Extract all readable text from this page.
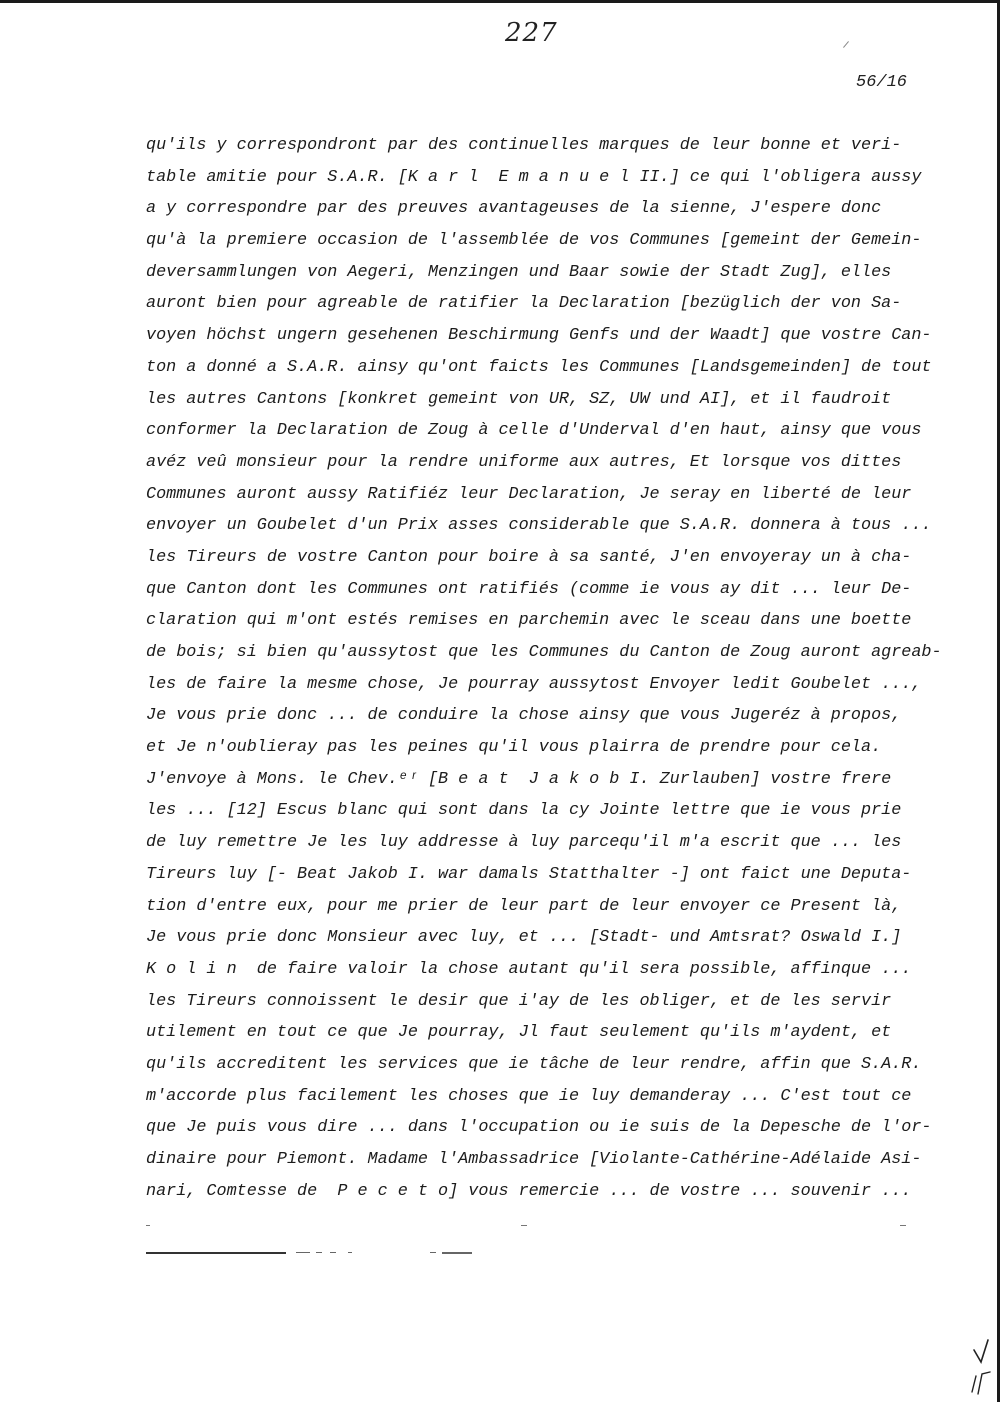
227
56/16
qu'ils y correspondront par des continuelles marques de leur bonne et veri-
table amitie pour S.A.R. [K a r l  E m a n u e l II.] ce qui l'obligera aussy
a y correspondre par des preuves avantageuses de la sienne, J'espere donc
qu'à la premiere occasion de l'assemblée de vos Communes [gemeint der Gemein-
deversammlungen von Aegeri, Menzingen und Baar sowie der Stadt Zug], elles
auront bien pour agreable de ratifier la Declaration [bezüglich der von Sa-
voyen höchst ungern gesehenen Beschirmung Genfs und der Waadt] que vostre Can-
ton a donné a S.A.R. ainsy qu'ont faicts les Communes [Landsgemeinden] de tout
les autres Cantons [konkret gemeint von UR, SZ, UW und AI], et il faudroit
conformer la Declaration de Zoug à celle d'Underval d'en haut, ainsy que vous
avéz veû monsieur pour la rendre uniforme aux autres, Et lorsque vos dittes
Communes auront aussy Ratifiéz leur Declaration, Je seray en liberté de leur
envoyer un Goubelet d'un Prix asses considerable que S.A.R. donnera à tous ...
les Tireurs de vostre Canton pour boire à sa santé, J'en envoyeray un à cha-
que Canton dont les Communes ont ratifiés (comme ie vous ay dit ... leur De-
claration qui m'ont estés remises en parchemin avec le sceau dans une boette
de bois; si bien qu'aussytost que les Communes du Canton de Zoug auront agreab-
les de faire la mesme chose, Je pourray aussytost Envoyer ledit Goubelet ...,
Je vous prie donc ... de conduire la chose ainsy que vous Jugeréz à propos,
et Je n'oublieray pas les peines qu'il vous plairra de prendre pour cela.
J'envoye à Mons. le Chev.ᵉʳ [B e a t  J a k o b I. Zurlauben] vostre frere
les ... [12] Escus blanc qui sont dans la cy Jointe lettre que ie vous prie
de luy remettre Je les luy addresse à luy parcequ'il m'a escrit que ... les
Tireurs luy [- Beat Jakob I. war damals Statthalter -] ont faict une Deputa-
tion d'entre eux, pour me prier de leur part de leur envoyer ce Present là,
Je vous prie donc Monsieur avec luy, et ... [Stadt- und Amtsrat? Oswald I.]
K o l i n  de faire valoir la chose autant qu'il sera possible, affinque ...
les Tireurs connoissent le desir que i'ay de les obliger, et de les servir
utilement en tout ce que Je pourray, Jl faut seulement qu'ils m'aydent, et
qu'ils accreditent les services que ie tâche de leur rendre, affin que S.A.R.
m'accorde plus facilement les choses que ie luy demanderay ... C'est tout ce
que Je puis vous dire ... dans l'occupation ou ie suis de la Depesche de l'or-
dinaire pour Piemont. Madame l'Ambassadrice [Violante-Cathérine-Adélaide Asi-
nari, Comtesse de  P e c e t o] vous remercie ... de vostre ... souvenir ...
